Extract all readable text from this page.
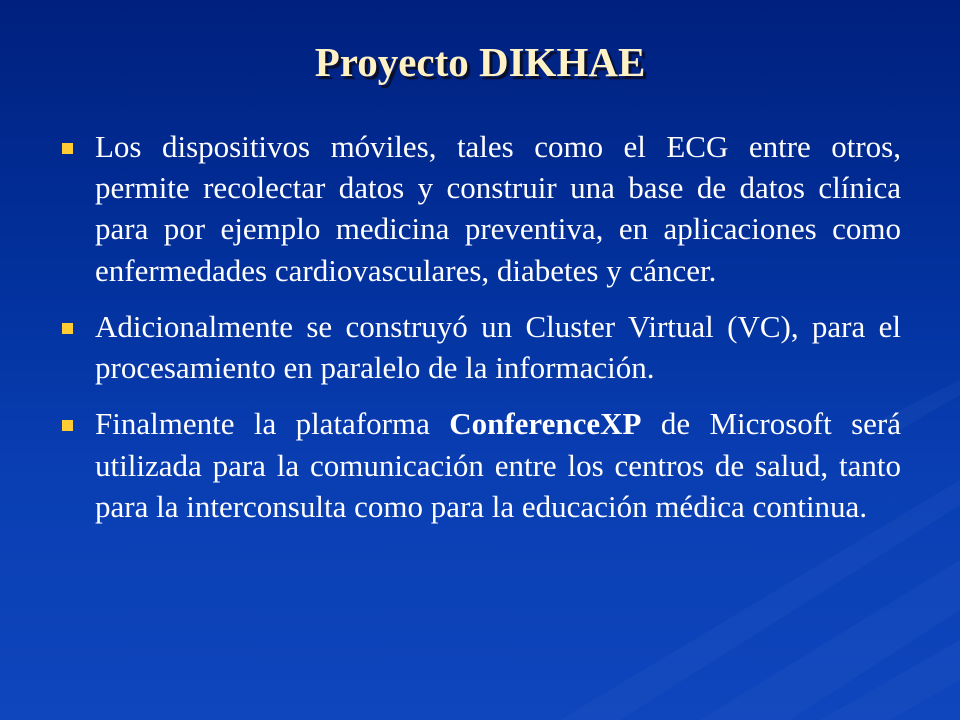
Proyecto DIKHAE
Los dispositivos móviles, tales como el ECG entre otros, permite recolectar datos y construir una base de datos clínica para por ejemplo medicina preventiva, en aplicaciones como enfermedades cardiovasculares, diabetes y cáncer.
Adicionalmente se construyó un Cluster Virtual (VC), para el procesamiento en paralelo de la información.
Finalmente la plataforma ConferenceXP de Microsoft será utilizada para la comunicación entre los centros de salud, tanto para la interconsulta como para la educación médica continua.
